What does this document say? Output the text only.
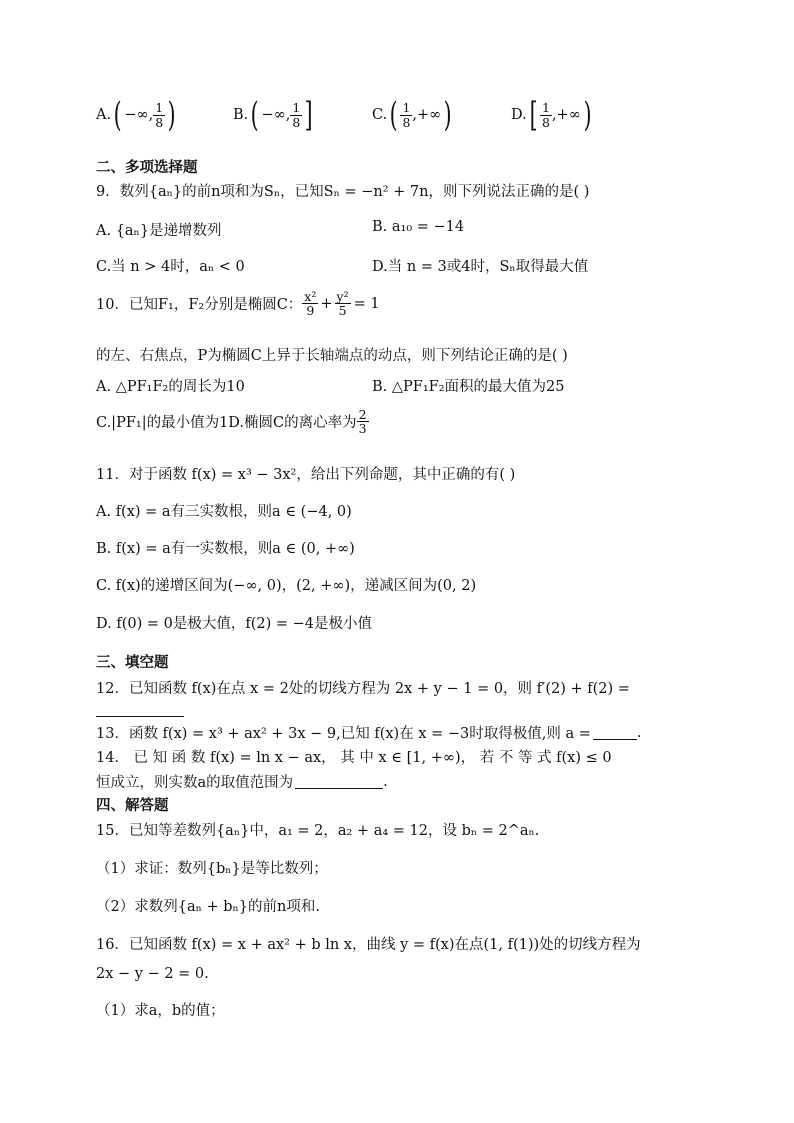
A. ( −∞, $\frac{1}{8}$ )	B. ( −∞, $\frac{1}{8}$ ]	C. ( $\frac{1}{8}$ ,+∞ )	D. [ $\frac{1}{8}$ ,+∞ )
二、多项选择题
9．数列{aₙ}的前n项和为Sₙ，已知Sₙ = −n² + 7n，则下列说法正确的是( )
A. {aₙ}是递增数列	B. a₁₀ = −14
C.当 n > 4时，aₙ < 0	D.当 n = 3或4时，Sₙ取得最大值
10．已知F₁，F₂分别是椭圆C： $\frac{\text{x²}}{9} + \frac{\text{y²}}{5} = 1$
的左、右焦点，P为椭圆C上异于长轴端点的动点，则下列结论正确的是( )
A. △PF₁F₂的周长为10	B. △PF₁F₂面积的最大值为25
C.|PF₁|的最小值为1D.椭圆C的离心率为 $\frac{2}{3}$
11．对于函数 f(x) = x³ − 3x²，给出下列命题，其中正确的有( )
A. f(x) = a有三实数根，则a ∈ (−4, 0)
B. f(x) = a有一实数根，则a ∈ (0, +∞)
C. f(x)的递增区间为(−∞, 0)，(2, +∞)，递减区间为(0, 2)
D. f(0) = 0是极大值，f(2) = −4是极小值
三、填空题
12．已知函数 f(x)在点 x = 2处的切线方程为 2x + y − 1 = 0，则 f′(2) + f(2) =
13．函数 f(x) = x³ + ax² + 3x − 9,已知 f(x)在 x = −3时取得极值,则 a =	.
14． 已 知 函 数 f(x) = ln x − ax， 其 中 x ∈ [1, +∞)， 若 不 等 式 f(x) ≤ 0
恒成立，则实数a的取值范围为	.
四、解答题
15．已知等差数列{aₙ}中，a₁ = 2，a₂ + a₄ = 12，设 bₙ = 2^aₙ.
（1）求证：数列{bₙ}是等比数列；
（2）求数列{aₙ + bₙ}的前n项和.
16．已知函数 f(x) = x + ax² + b ln x，曲线 y = f(x)在点(1, f(1))处的切线方程为
2x − y − 2 = 0.
（1）求a，b的值；
